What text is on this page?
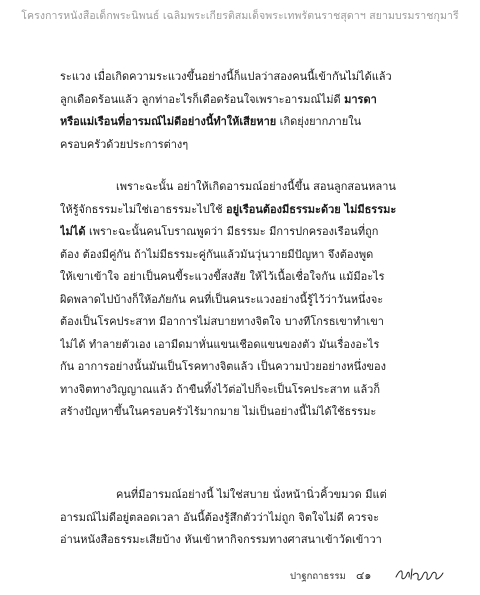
โครงการหนังสือเด็กพระนิพนธ์ เฉลิมพระเกียรติสมเด็จพระเทพรัตนราชสุดาฯ สยามบรมราชกุมารี
ระแวง เมื่อเกิดความระแวงขึ้นอย่างนี้ก็แปลว่าสองคนนี้เข้ากันไม่ได้แล้ว
ลูกเดือดร้อนแล้ว ลูกท่าอะไรก็เดือดร้อนใจเพราะอารมณ์ไม่ดี มารดา
หรือแม่เรือนที่อารมณ์ไม่ดีอย่างนี้ทำให้เสียหาย เกิดยุ่งยากภายใน
ครอบครัวด้วยประการต่างๆ
เพราะฉะนั้น อย่าให้เกิดอารมณ์อย่างนี้ขึ้น สอนลูกสอนหลาน
ให้รู้จักธรรมะไม่ใช่เอาธรรมะไปใช้ อยู่เรือนต้องมีธรรมะด้วย ไม่มีธรรมะ
ไม่ได้ เพราะฉะนั้นคนโบราณพูดว่า มีธรรมะ มีการปกครองเรือนที่ถูก
ต้อง ต้องมีคู่กัน ถ้าไม่มีธรรมะคู่กันแล้วมันวุ่นวายมีปัญหา จึงต้องพูด
ให้เขาเข้าใจ อย่าเป็นคนขี้ระแวงขี้สงสัย ให้ไว้เนื้อเชื่อใจกัน แม้มีอะไร
ผิดพลาดไปบ้างก็ให้อภัยกัน คนที่เป็นคนระแวงอย่างนี้รู้ไว้ว่าวันหนึ่งจะ
ต้องเป็นโรคประสาท มีอาการไม่สบายทางจิตใจ บางทีโกรธเขาทำเขา
ไม่ได้ ทำลายตัวเอง เอามีดมาหั่นแขนเชือดแขนของตัว มันเรื่องอะไร
กัน อาการอย่างนั้นมันเป็นโรคทางจิตแล้ว เป็นความป่วยอย่างหนึ่งของ
ทางจิตทางวิญญาณแล้ว ถ้าขืนทิ้งไว้ต่อไปก็จะเป็นโรคประสาท แล้วก็
สร้างปัญหาขึ้นในครอบครัวไร้มากมาย ไม่เป็นอย่างนี้ไม่ได้ใช้ธรรมะ
คนที่มีอารมณ์อย่างนี้ ไม่ใช่สบาย นั่งหน้านิ่วคิ้วขมวด มีแต่
อารมณ์ไม่ดีอยู่ตลอดเวลา อันนี้ต้องรู้สึกตัวว่าไม่ถูก จิตใจไม่ดี ควรจะ
อ่านหนังสือธรรมะเสียบ้าง หันเข้าหากิจกรรมทางศาสนาเข้าวัดเข้าวา
ปาฐกถาธรรม ๔๑
